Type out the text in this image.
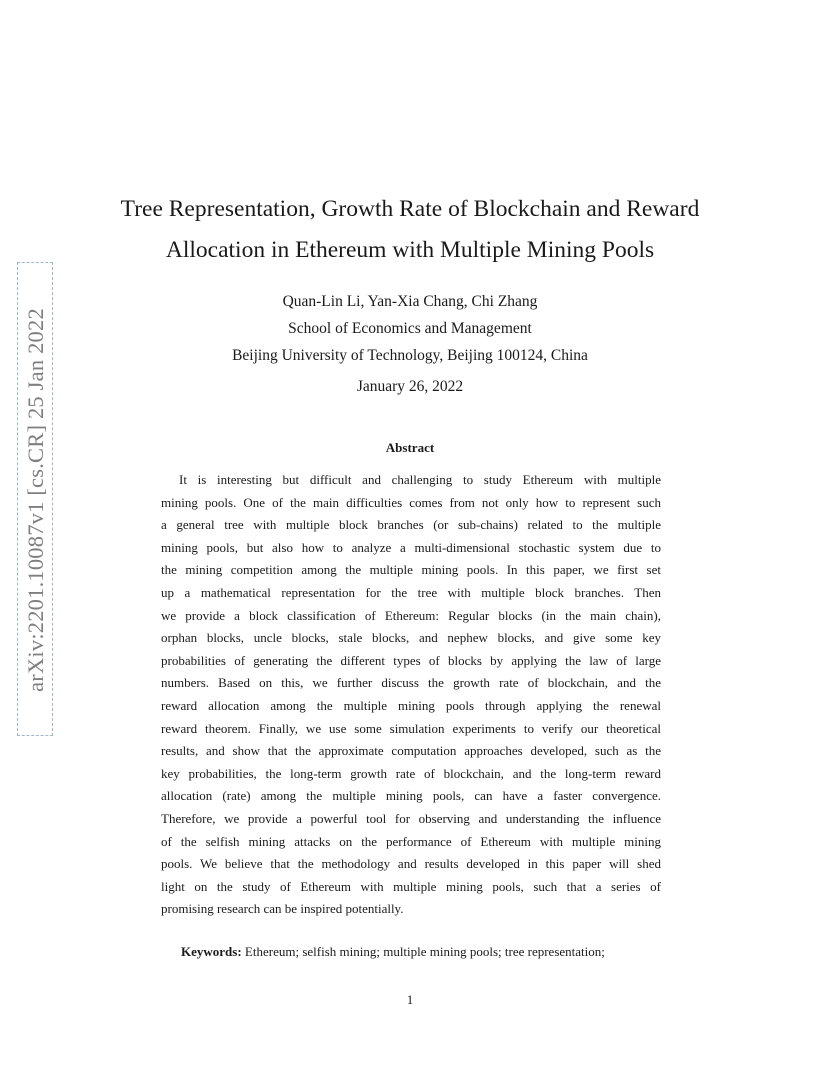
arXiv:2201.10087v1 [cs.CR] 25 Jan 2022
Tree Representation, Growth Rate of Blockchain and Reward
Allocation in Ethereum with Multiple Mining Pools
Quan-Lin Li, Yan-Xia Chang, Chi Zhang
School of Economics and Management
Beijing University of Technology, Beijing 100124, China
January 26, 2022
Abstract
It is interesting but difficult and challenging to study Ethereum with multiple
mining pools. One of the main difficulties comes from not only how to represent such
a general tree with multiple block branches (or sub-chains) related to the multiple
mining pools, but also how to analyze a multi-dimensional stochastic system due to
the mining competition among the multiple mining pools. In this paper, we first set
up a mathematical representation for the tree with multiple block branches. Then
we provide a block classification of Ethereum: Regular blocks (in the main chain),
orphan blocks, uncle blocks, stale blocks, and nephew blocks, and give some key
probabilities of generating the different types of blocks by applying the law of large
numbers. Based on this, we further discuss the growth rate of blockchain, and the
reward allocation among the multiple mining pools through applying the renewal
reward theorem. Finally, we use some simulation experiments to verify our theoretical
results, and show that the approximate computation approaches developed, such as the
key probabilities, the long-term growth rate of blockchain, and the long-term reward
allocation (rate) among the multiple mining pools, can have a faster convergence.
Therefore, we provide a powerful tool for observing and understanding the influence
of the selfish mining attacks on the performance of Ethereum with multiple mining
pools. We believe that the methodology and results developed in this paper will shed
light on the study of Ethereum with multiple mining pools, such that a series of
promising research can be inspired potentially.
Keywords: Ethereum; selfish mining; multiple mining pools; tree representation;
1
